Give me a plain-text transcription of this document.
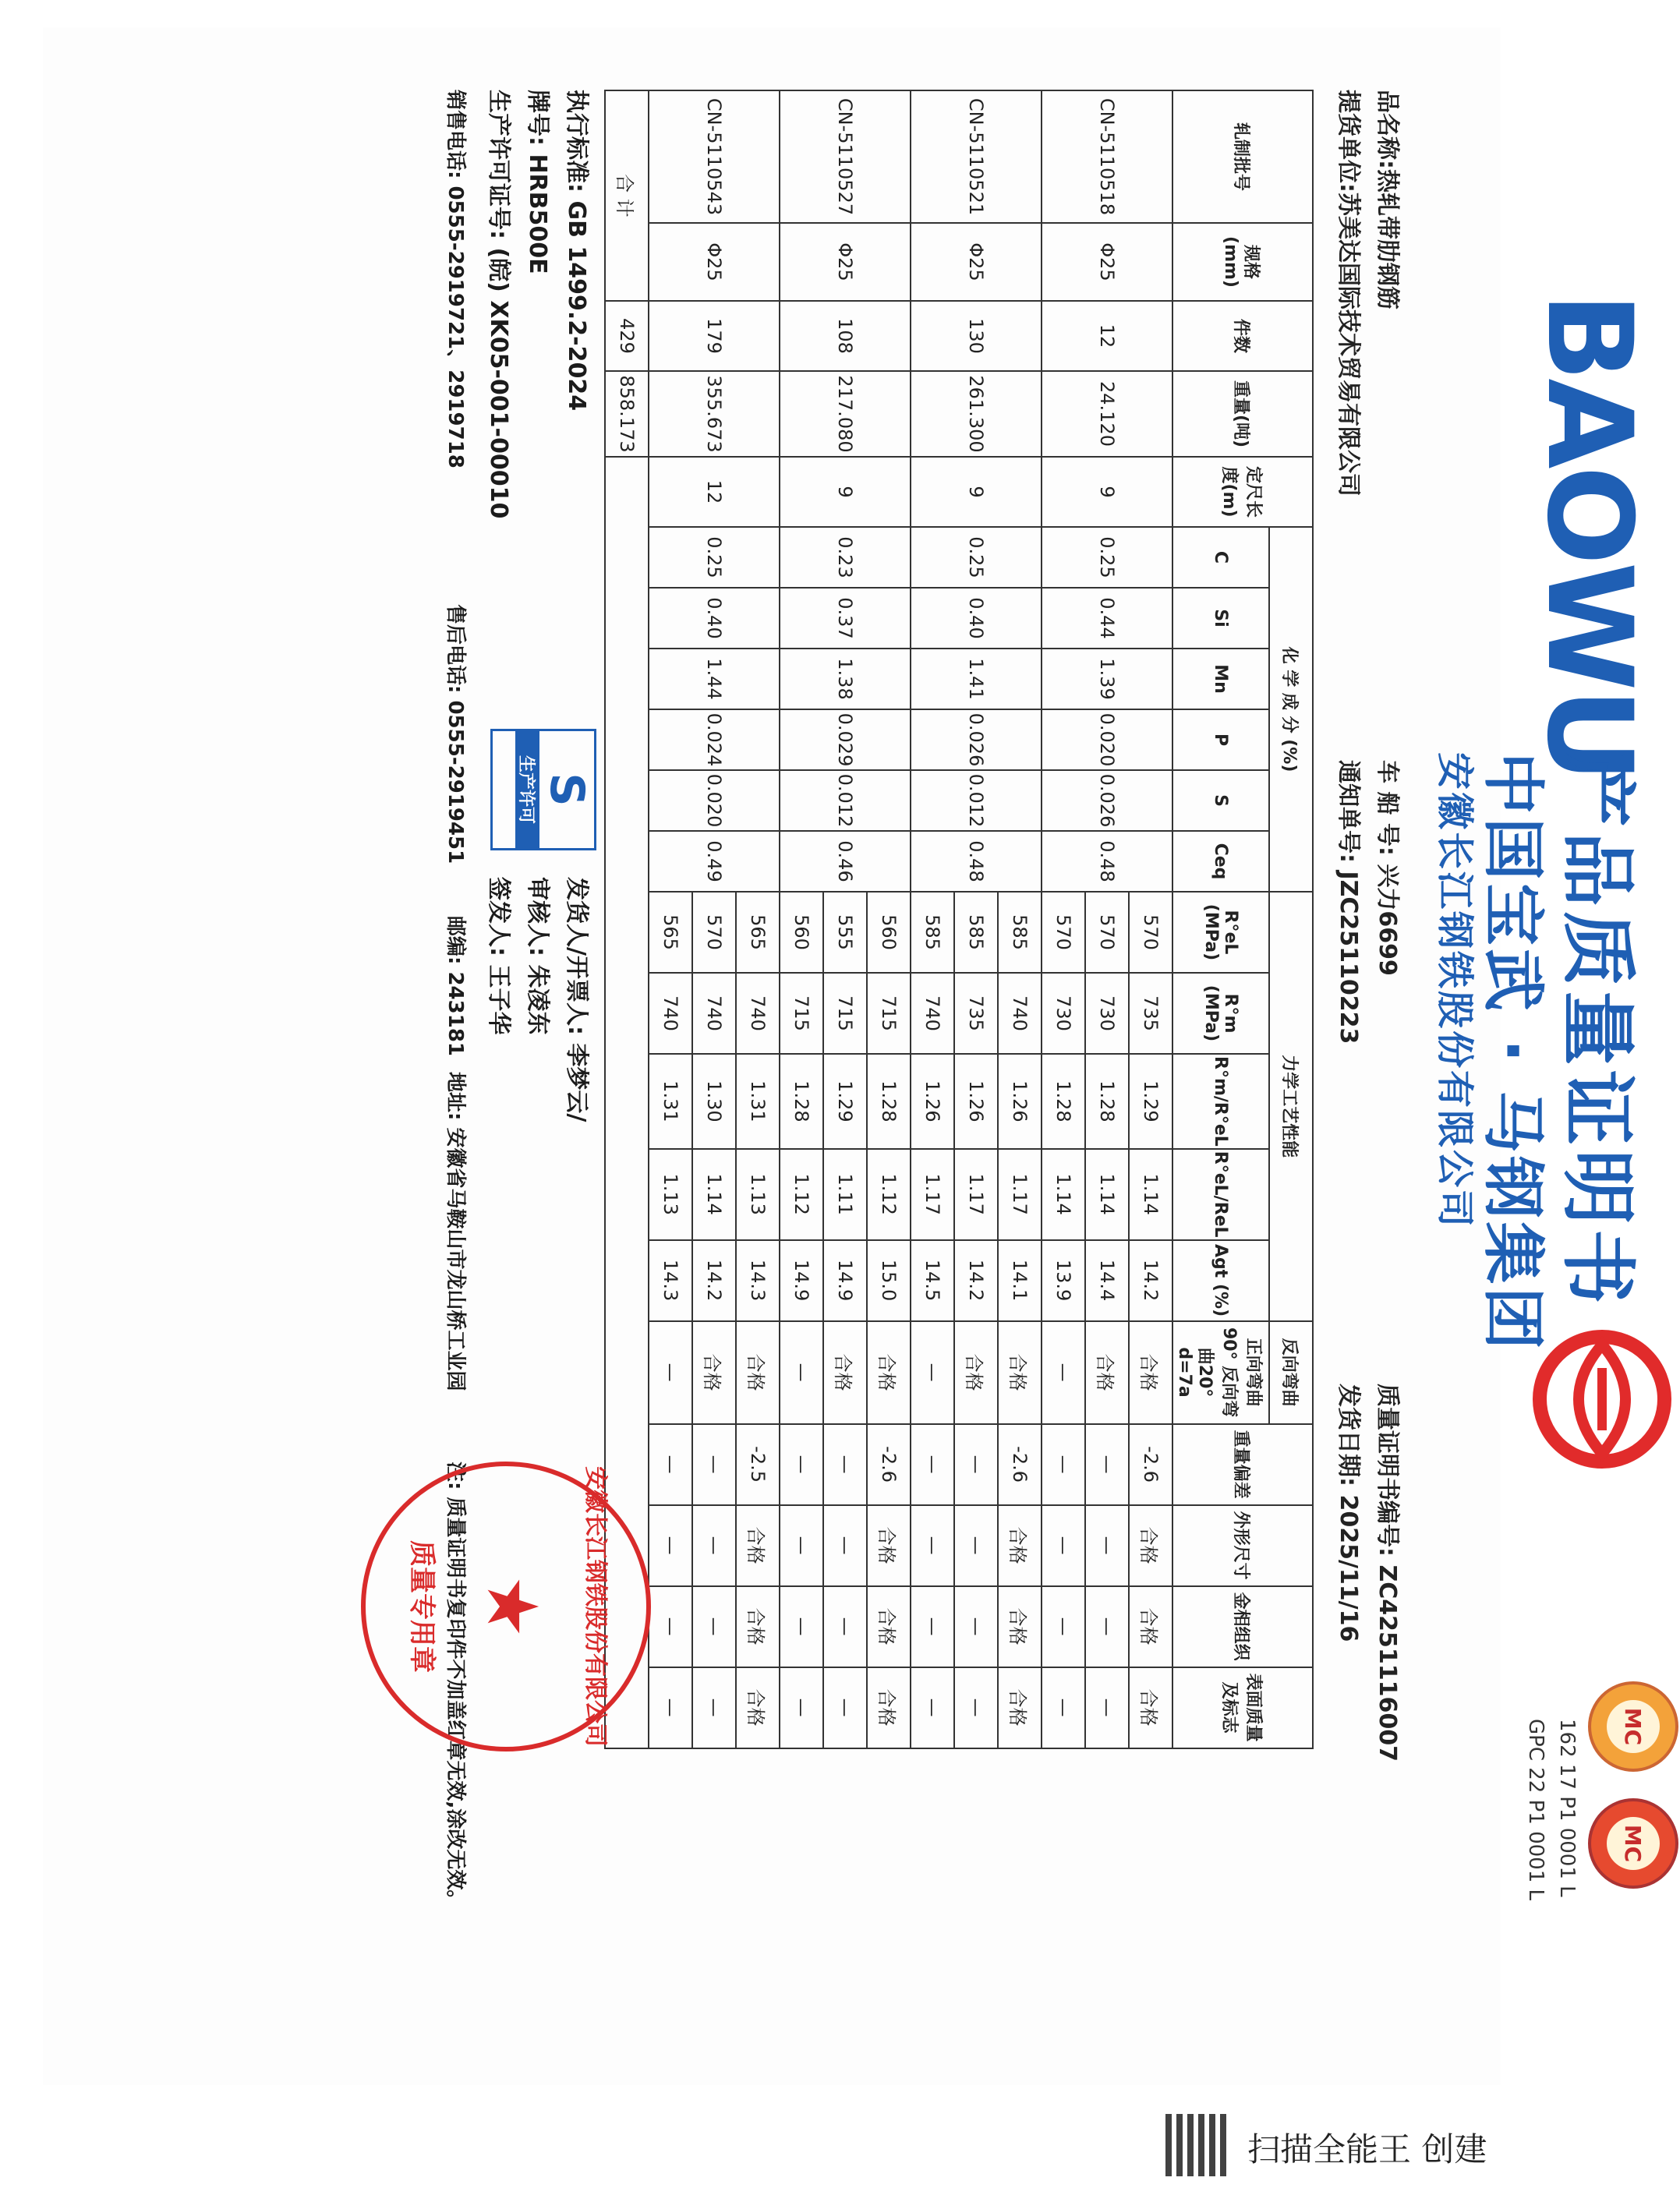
BAOWU
产品质量证明书
中国宝武 · 马钢集团
安徽长江钢铁股份有限公司
MC
MC
162 17 P1 0001 L
GPC 22 P1 0001 L
品名称:热轧带肋钢筋
提货单位:苏美达国际技术贸易有限公司
车 船 号: 兴力6699
通知单号: JZC25110223
质量证明书编号: ZC4251116007
发货日期: 2025/11/16
轧制批号	规格(mm)	件数	重量(吨)	定尺长度(m)	化 学 成 分 (%)						力学工艺性能					反向弯曲	重量偏差	外形尺寸	金相组织	表面质量及标志
					C	Si	Mn	P	S	Ceq	R°eL (MPa)	R°m (MPa)	R°m/R°eL	R°eL/ReL	Agt (%)	正向弯曲90° 反向弯曲20° d=7a				

CN-5110518	Φ25	12	24.120	9	0.25	0.44	1.39	0.020	0.026	0.48	570	735	1.29	1.14	14.2	合格	-2.6	合格	合格	合格
											570	730	1.28	1.14	14.4	合格	—	—	—	—
											570	730	1.28	1.14	13.9	—	—	—	—	—
CN-5110521	Φ25	130	261.300	9	0.25	0.40	1.41	0.026	0.012	0.48	585	740	1.26	1.17	14.1	合格	-2.6	合格	合格	合格
											585	735	1.26	1.17	14.2	合格	—	—	—	—
											585	740	1.26	1.17	14.5	—	—	—	—	—
CN-5110527	Φ25	108	217.080	9	0.23	0.37	1.38	0.029	0.012	0.46	560	715	1.28	1.12	15.0	合格	-2.6	合格	合格	合格
											555	715	1.29	1.11	14.9	合格	—	—	—	—
											560	715	1.28	1.12	14.9	—	—	—	—	—
CN-5110543	Φ25	179	355.673	12	0.25	0.40	1.44	0.024	0.020	0.49	565	740	1.31	1.13	14.3	合格	-2.5	合格	合格	合格
											570	740	1.30	1.14	14.2	合格	—	—	—	—
											565	740	1.31	1.13	14.3	—	—	—	—	—
合 计		429	858.173																	
执行标准: GB 1499.2-2024
牌号: HRB500E
生产许可证号: (皖) XK05-001-00010
S
生产许可
发货人/开票人: 李梦云/
审核人: 朱凌东
签发人: 王子华
销售电话: 0555-2919721、2919718
售后电话: 0555-2919451
邮编: 243181
地址: 安徽省马鞍山市龙山桥工业园
注: 质量证明书复印件不加盖红章无效,涂改无效。	安徽长江钢铁股份有限公司
★
质量专用章
扫描全能王 创建
